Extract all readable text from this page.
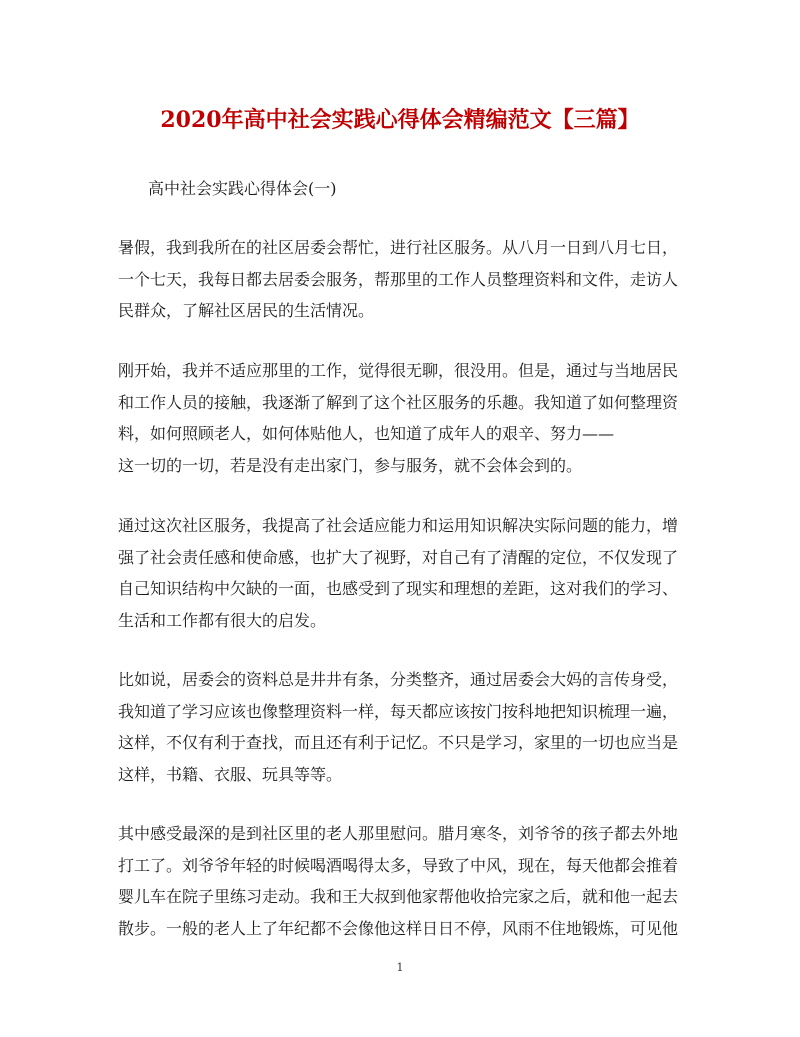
2020年高中社会实践心得体会精编范文【三篇】
高中社会实践心得体会(一)
暑假，我到我所在的社区居委会帮忙，进行社区服务。从八月一日到八月七日，
一个七天，我每日都去居委会服务，帮那里的工作人员整理资料和文件，走访人
民群众，了解社区居民的生活情况。
刚开始，我并不适应那里的工作，觉得很无聊，很没用。但是，通过与当地居民
和工作人员的接触，我逐渐了解到了这个社区服务的乐趣。我知道了如何整理资
料，如何照顾老人，如何体贴他人，也知道了成年人的艰辛、努力——
这一切的一切，若是没有走出家门，参与服务，就不会体会到的。
通过这次社区服务，我提高了社会适应能力和运用知识解决实际问题的能力，增
强了社会责任感和使命感，也扩大了视野，对自己有了清醒的定位，不仅发现了
自己知识结构中欠缺的一面，也感受到了现实和理想的差距，这对我们的学习、
生活和工作都有很大的启发。
比如说，居委会的资料总是井井有条，分类整齐，通过居委会大妈的言传身受，
我知道了学习应该也像整理资料一样，每天都应该按门按科地把知识梳理一遍，
这样，不仅有利于查找，而且还有利于记忆。不只是学习，家里的一切也应当是
这样，书籍、衣服、玩具等等。
其中感受最深的是到社区里的老人那里慰问。腊月寒冬，刘爷爷的孩子都去外地
打工了。刘爷爷年轻的时候喝酒喝得太多，导致了中风，现在，每天他都会推着
婴儿车在院子里练习走动。我和王大叔到他家帮他收拾完家之后，就和他一起去
散步。一般的老人上了年纪都不会像他这样日日不停，风雨不住地锻炼，可见他
1
